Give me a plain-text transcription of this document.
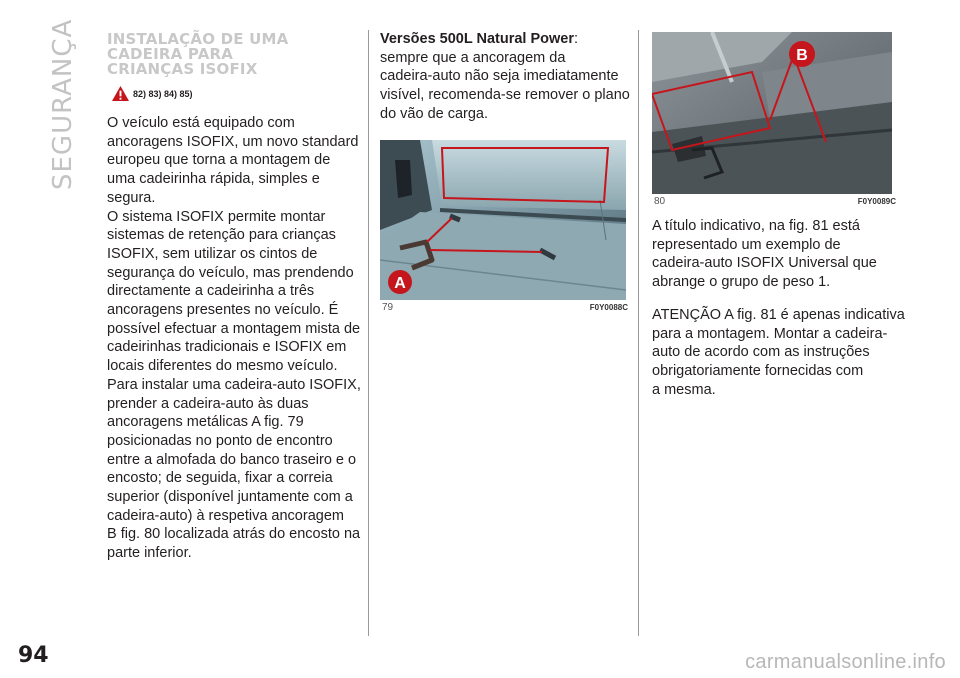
SEGURANÇA
94	carmanualsonline.info
INSTALAÇÃO DE UMA
CADEIRA PARA
CRIANÇAS ISOFIX
82) 83) 84) 85)

O veículo está equipado com
ancoragens ISOFIX, um novo standard
europeu que torna a montagem de
uma cadeirinha rápida, simples e
segura.
O sistema ISOFIX permite montar
sistemas de retenção para crianças
ISOFIX, sem utilizar os cintos de
segurança do veículo, mas prendendo
directamente a cadeirinha a três
ancoragens presentes no veículo. É
possível efectuar a montagem mista de
cadeirinhas tradicionais e ISOFIX em
locais diferentes do mesmo veículo.
Para instalar uma cadeira-auto ISOFIX,
prender a cadeira-auto às duas
ancoragens metálicas A fig. 79
posicionadas no ponto de encontro
entre a almofada do banco traseiro e o
encosto; de seguida, fixar a correia
superior (disponível juntamente com a
cadeira-auto) à respetiva ancoragem
B fig. 80 localizada atrás do encosto na
parte inferior.

Versões 500L Natural Power:
sempre que a ancoragem da
cadeira-auto não seja imediatamente
visível, recomenda-se remover o plano
do vão de carga.

A
79	F0Y0088C
B
80	F0Y0089C

A título indicativo, na fig. 81 está
representado um exemplo de
cadeira-auto ISOFIX Universal que
abrange o grupo de peso 1.

ATENÇÃO A fig. 81 é apenas indicativa
para a montagem. Montar a cadeira-
auto de acordo com as instruções
obrigatoriamente fornecidas com
a mesma.
